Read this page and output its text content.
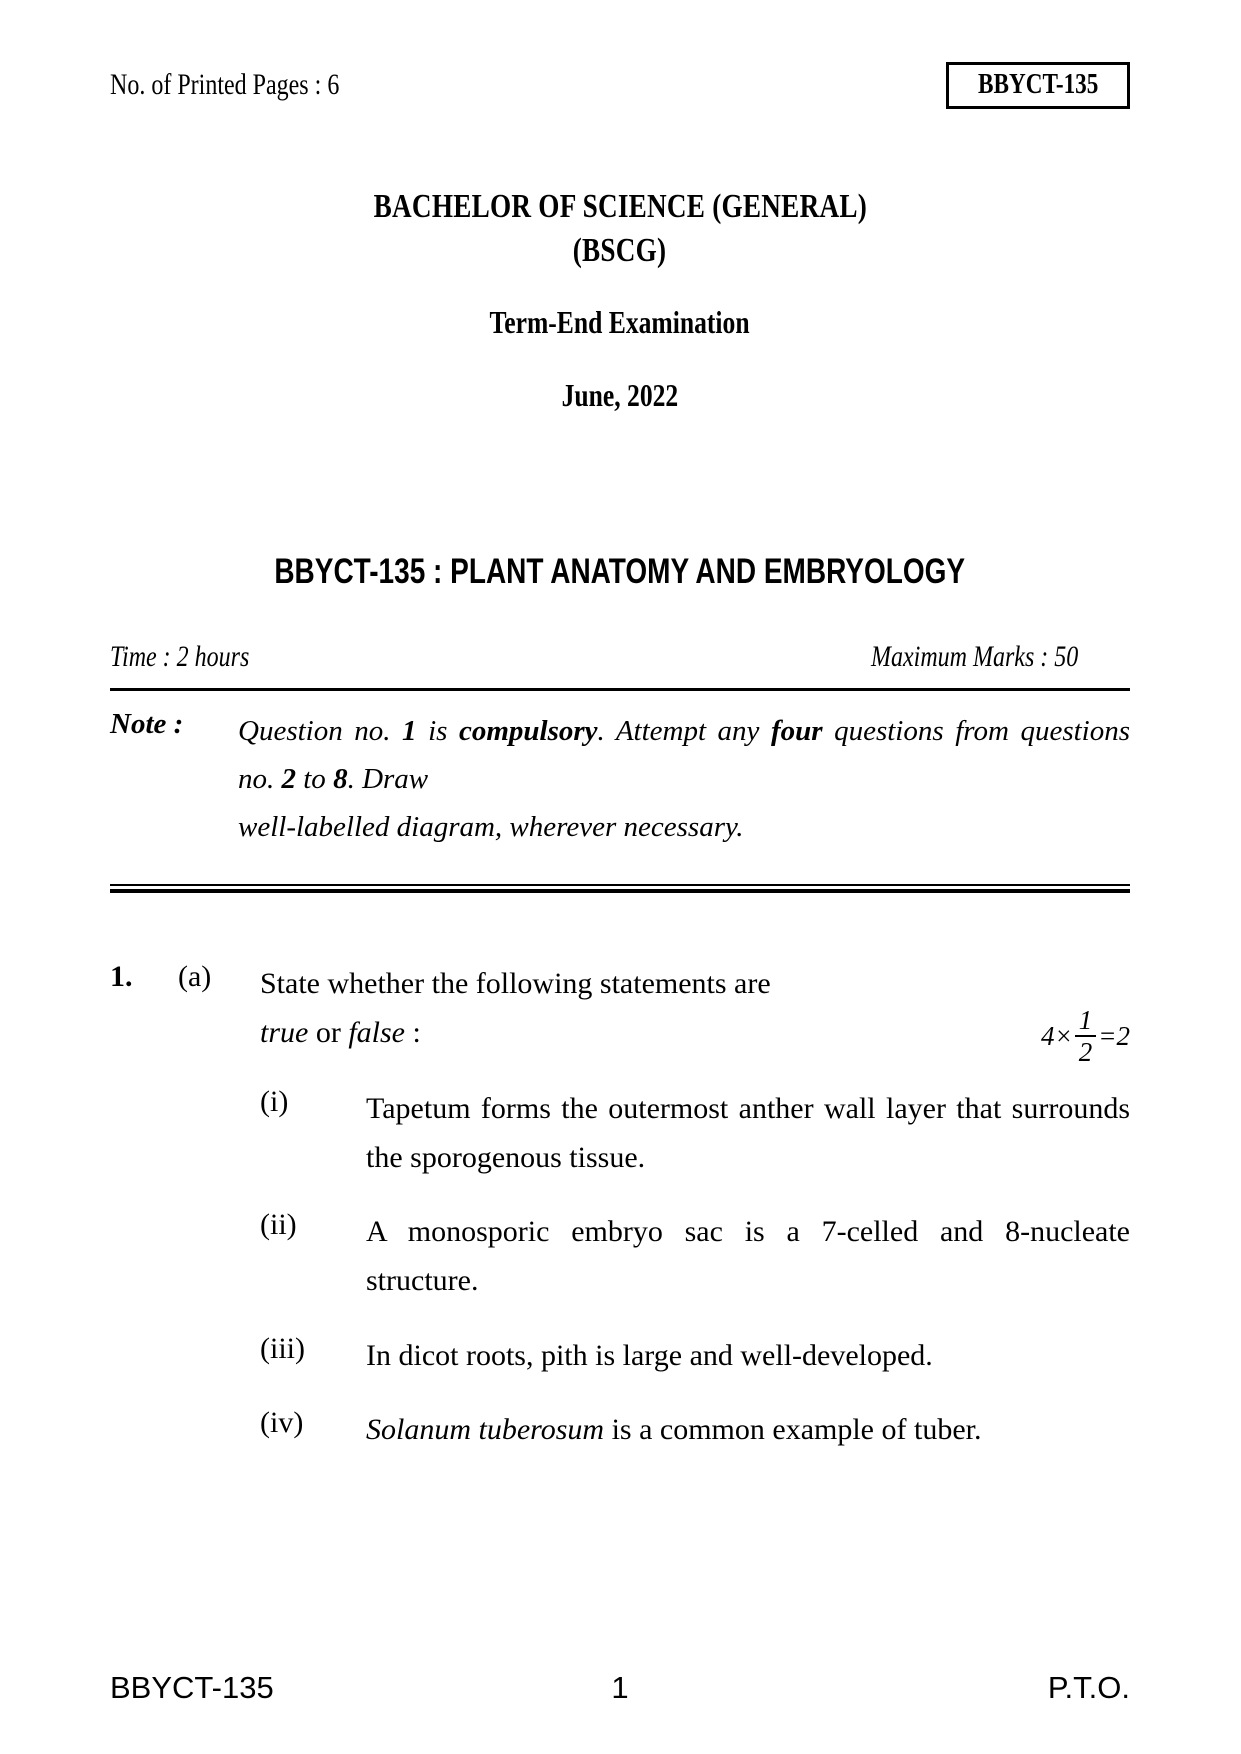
No. of Printed Pages : 6	BBYCT-135
BACHELOR OF SCIENCE (GENERAL)
(BSCG)
Term-End Examination
June, 2022
BBYCT-135 : PLANT ANATOMY AND EMBRYOLOGY
Time : 2 hours	Maximum Marks : 50
Note : Question no. 1 is compulsory. Attempt any four questions from questions no. 2 to 8. Draw
well-labelled diagram, wherever necessary.
1. (a) State whether the following statements are
true or false :	$4\times \frac{1}{2} =2$
(i)	Tapetum forms the outermost anther wall layer that surrounds the sporogenous tissue.
(ii)	A monosporic embryo sac is a 7-celled and 8-nucleate structure.
(iii)	In dicot roots, pith is large and well-developed.
(iv)	Solanum tuberosum is a common example of tuber.
BBYCT-135	1	P.T.O.
